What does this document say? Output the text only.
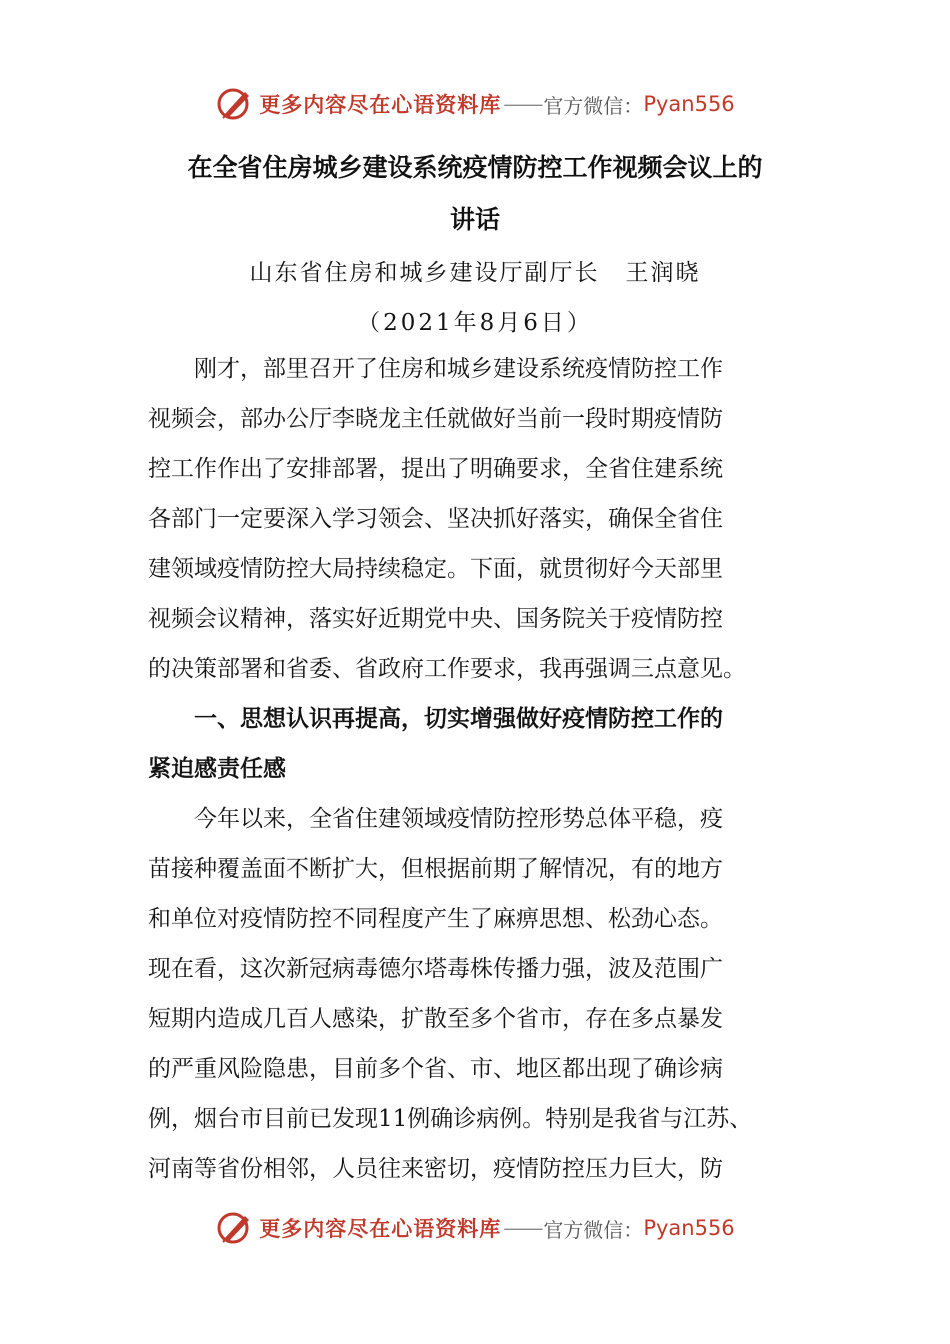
更多内容尽在心语资料库 —— 官方微信： Pyan556
在全省住房城乡建设系统疫情防控工作视频会议上的
讲话
山东省住房和城乡建设厅副厅长 王润晓
（2021年8月6日）
　　刚才，部里召开了住房和城乡建设系统疫情防控工作
视频会，部办公厅李晓龙主任就做好当前一段时期疫情防
控工作作出了安排部署，提出了明确要求，全省住建系统
各部门一定要深入学习领会、坚决抓好落实，确保全省住
建领域疫情防控大局持续稳定。下面，就贯彻好今天部里
视频会议精神，落实好近期党中央、国务院关于疫情防控
的决策部署和省委、省政府工作要求，我再强调三点意见。
　　一、思想认识再提高，切实增强做好疫情防控工作的
紧迫感责任感
　　今年以来，全省住建领域疫情防控形势总体平稳，疫
苗接种覆盖面不断扩大，但根据前期了解情况，有的地方
和单位对疫情防控不同程度产生了麻痹思想、松劲心态。
现在看，这次新冠病毒德尔塔毒株传播力强，波及范围广
短期内造成几百人感染，扩散至多个省市，存在多点暴发
的严重风险隐患，目前多个省、市、地区都出现了确诊病
例，烟台市目前已发现11例确诊病例。特别是我省与江苏、
河南等省份相邻，人员往来密切，疫情防控压力巨大，防
更多内容尽在心语资料库 —— 官方微信： Pyan556
